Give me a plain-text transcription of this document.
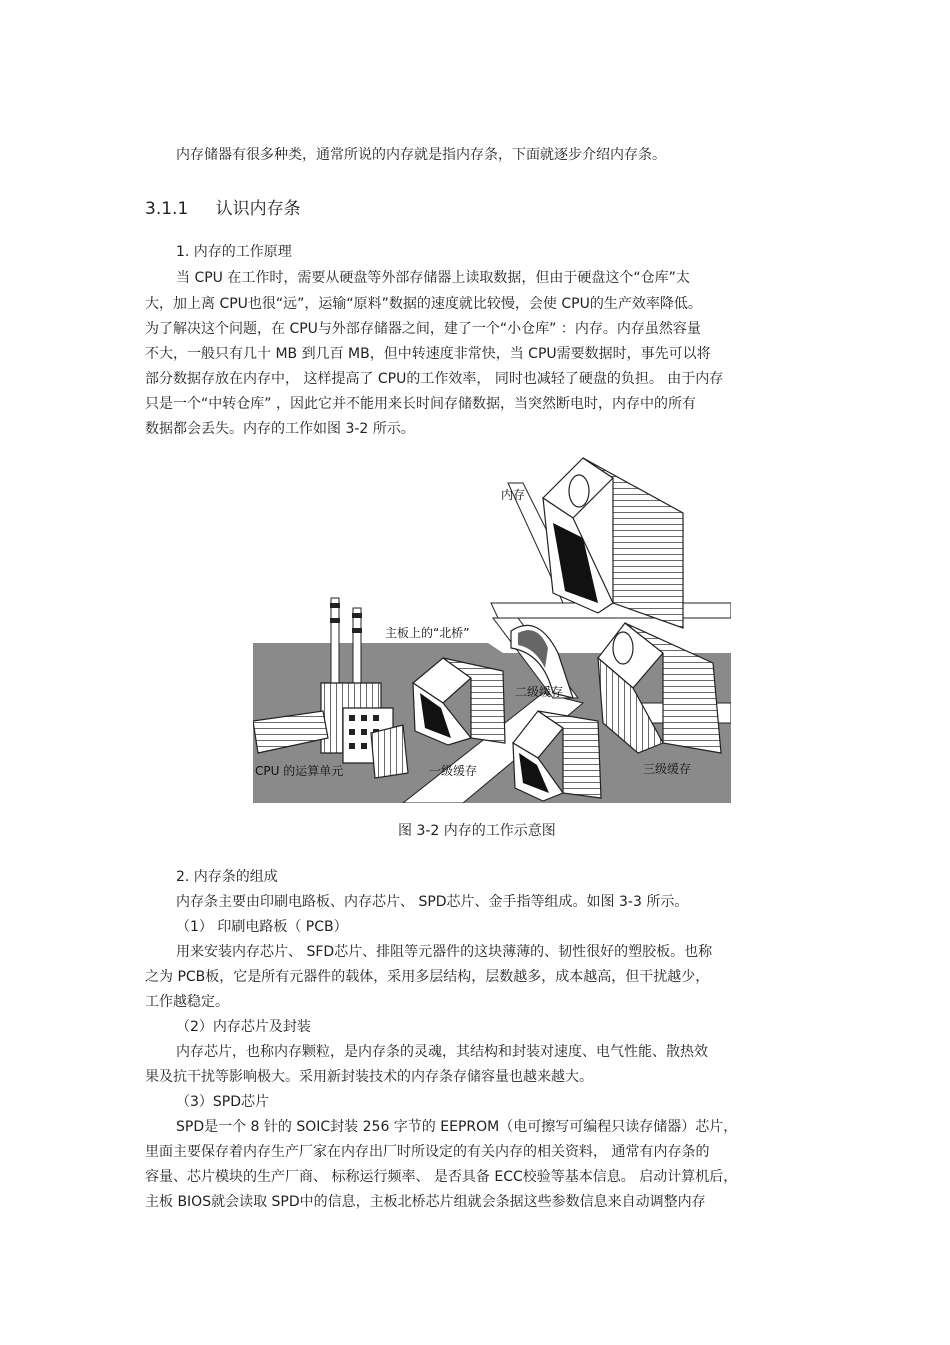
内存储器有很多种类，通常所说的内存就是指内存条，下面就逐步介绍内存条。
3.1.1 认识内存条
1. 内存的工作原理
当 CPU 在工作时，需要从硬盘等外部存储器上读取数据，但由于硬盘这个“仓库”太
大，加上离 CPU也很“远”，运输“原料”数据的速度就比较慢，会使 CPU的生产效率降低。
为了解决这个问题，在 CPU与外部存储器之间，建了一个“小仓库” ：内存。内存虽然容量
不大，一般只有几十 MB 到几百 MB，但中转速度非常快，当 CPU需要数据时，事先可以将
部分数据存放在内存中， 这样提高了 CPU的工作效率， 同时也减轻了硬盘的负担。 由于内存
只是一个“中转仓库” ，因此它并不能用来长时间存储数据，当突然断电时，内存中的所有
数据都会丢失。内存的工作如图 3-2 所示。
内存
主板上的“北桥”
二级缓存
CPU 的运算单元	一级缓存	三级缓存
图 3-2 内存的工作示意图
2. 内存条的组成
内存条主要由印刷电路板、内存芯片、 SPD芯片、金手指等组成。如图 3-3 所示。
（1） 印刷电路板（ PCB）
用来安装内存芯片、 SFD芯片、排阻等元器件的这块薄薄的、韧性很好的塑胶板。也称
之为 PCB板，它是所有元器件的载体，采用多层结构，层数越多，成本越高，但干扰越少，
工作越稳定。
（2）内存芯片及封装
内存芯片，也称内存颗粒，是内存条的灵魂，其结构和封装对速度、电气性能、散热效
果及抗干扰等影响极大。采用新封装技术的内存条存储容量也越来越大。
（3）SPD芯片
SPD是一个 8 针的 SOIC封装 256 字节的 EEPROM（电可擦写可编程只读存储器）芯片，
里面主要保存着内存生产厂家在内存出厂时所设定的有关内存的相关资料， 通常有内存条的
容量、芯片模块的生产厂商、 标称运行频率、 是否具备 ECC校验等基本信息。 启动计算机后，
主板 BIOS就会读取 SPD中的信息，主板北桥芯片组就会条据这些参数信息来自动调整内存
